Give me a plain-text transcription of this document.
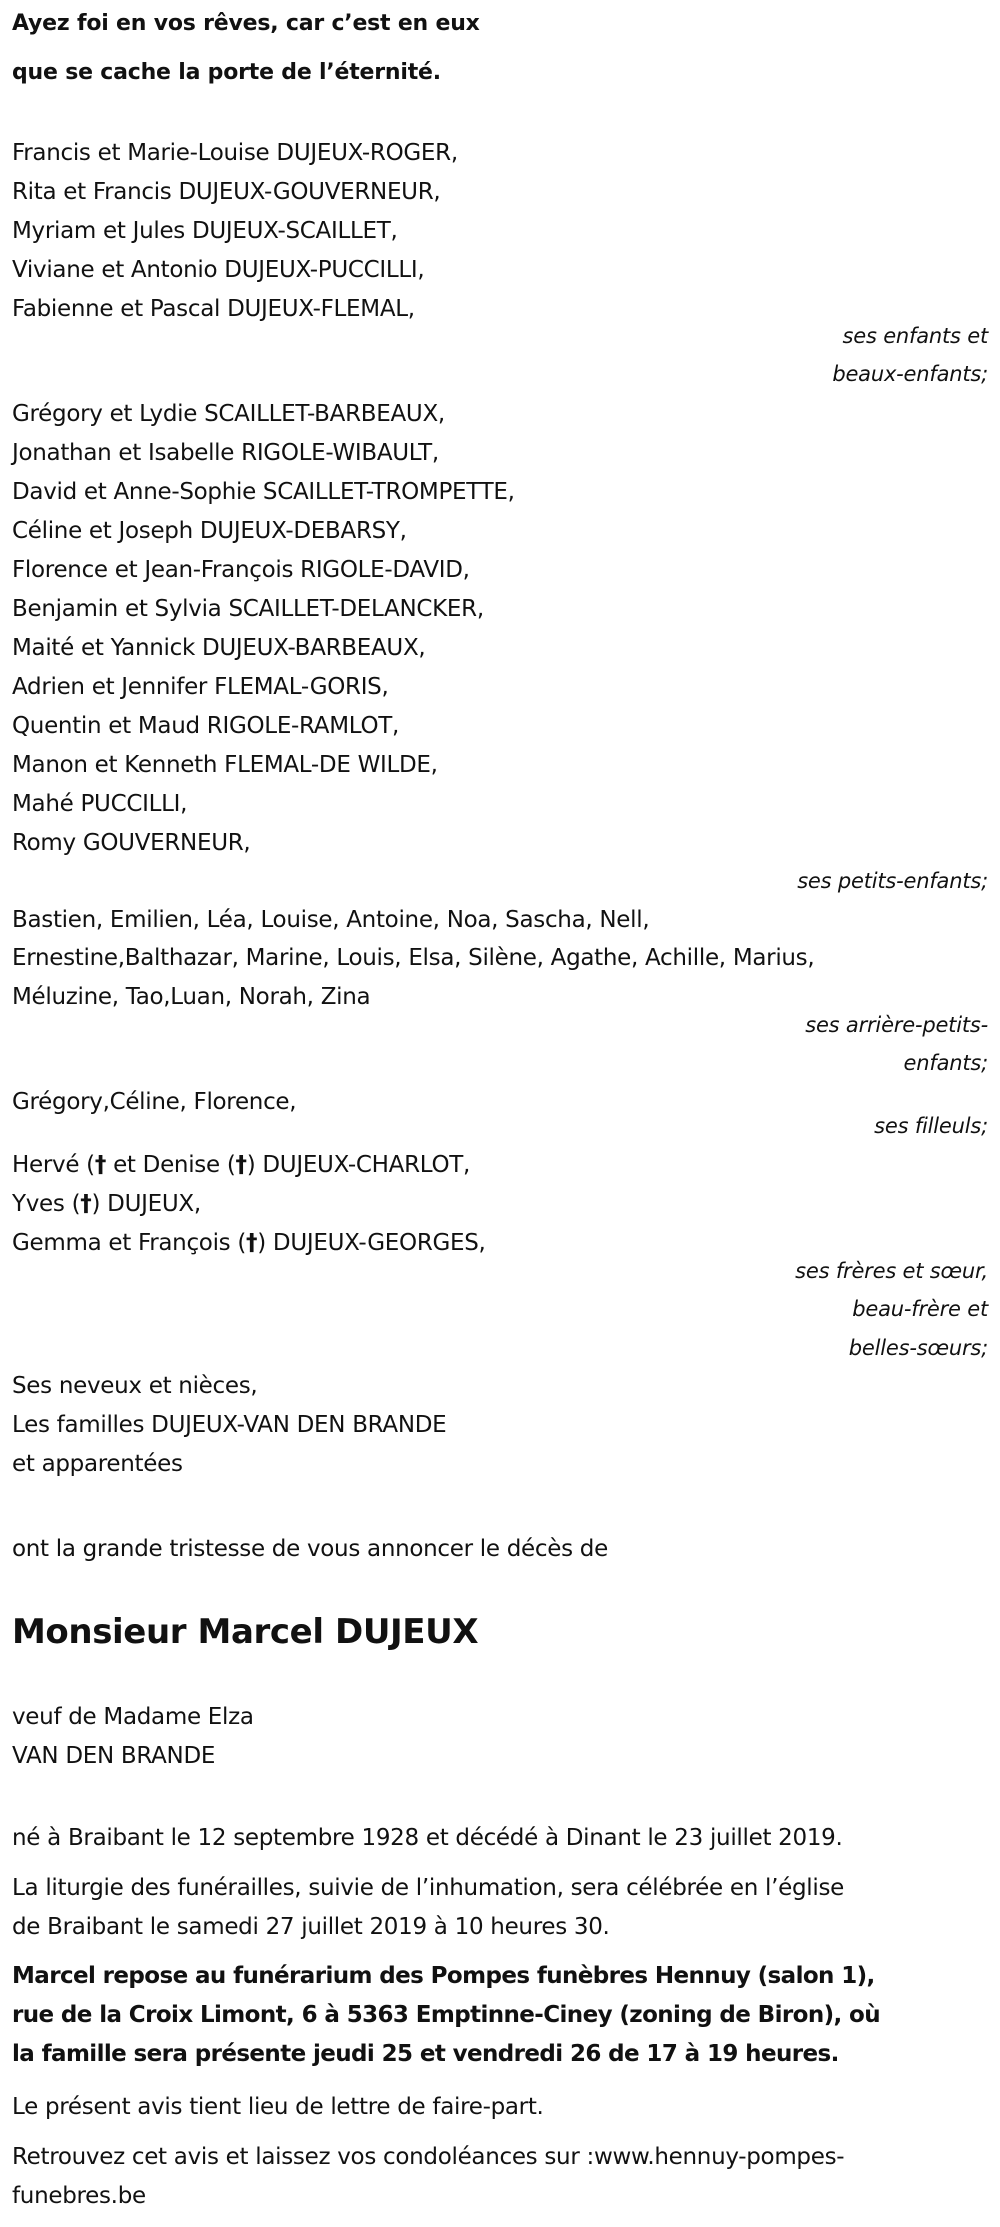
Ayez foi en vos rêves, car c’est en eux
que se cache la porte de l’éternité.
Francis et Marie-Louise DUJEUX-ROGER,
Rita et Francis DUJEUX-GOUVERNEUR,
Myriam et Jules DUJEUX-SCAILLET,
Viviane et Antonio DUJEUX-PUCCILLI,
Fabienne et Pascal DUJEUX-FLEMAL,
ses enfants et
beaux-enfants;
Grégory et Lydie SCAILLET-BARBEAUX,
Jonathan et Isabelle RIGOLE-WIBAULT,
David et Anne-Sophie SCAILLET-TROMPETTE,
Céline et Joseph DUJEUX-DEBARSY,
Florence et Jean-François RIGOLE-DAVID,
Benjamin et Sylvia SCAILLET-DELANCKER,
Maité et Yannick DUJEUX-BARBEAUX,
Adrien et Jennifer FLEMAL-GORIS,
Quentin et Maud RIGOLE-RAMLOT,
Manon et Kenneth FLEMAL-DE WILDE,
Mahé PUCCILLI,
Romy GOUVERNEUR,
ses petits-enfants;
Bastien, Emilien, Léa, Louise, Antoine, Noa, Sascha, Nell,
Ernestine,Balthazar, Marine, Louis, Elsa, Silène, Agathe, Achille, Marius,
Méluzine, Tao,Luan, Norah, Zina
ses arrière-petits-
enfants;
Grégory,Céline, Florence,
ses filleuls;
Hervé († et Denise (†) DUJEUX-CHARLOT,
Yves (†) DUJEUX,
Gemma et François (†) DUJEUX-GEORGES,
ses frères et sœur,
beau-frère et
belles-sœurs;
Ses neveux et nièces,
Les familles DUJEUX-VAN DEN BRANDE
et apparentées
ont la grande tristesse de vous annoncer le décès de
Monsieur Marcel DUJEUX
veuf de Madame Elza
VAN DEN BRANDE
né à Braibant le 12 septembre 1928 et décédé à Dinant le 23 juillet 2019.
La liturgie des funérailles, suivie de l’inhumation, sera célébrée en l’église
de Braibant le samedi 27 juillet 2019 à 10 heures 30.
Marcel repose au funérarium des Pompes funèbres Hennuy (salon 1),
rue de la Croix Limont, 6 à 5363 Emptinne-Ciney (zoning de Biron), où
la famille sera présente jeudi 25 et vendredi 26 de 17 à 19 heures.
Le présent avis tient lieu de lettre de faire-part.
Retrouvez cet avis et laissez vos condoléances sur :www.hennuy-pompes-
funebres.be
